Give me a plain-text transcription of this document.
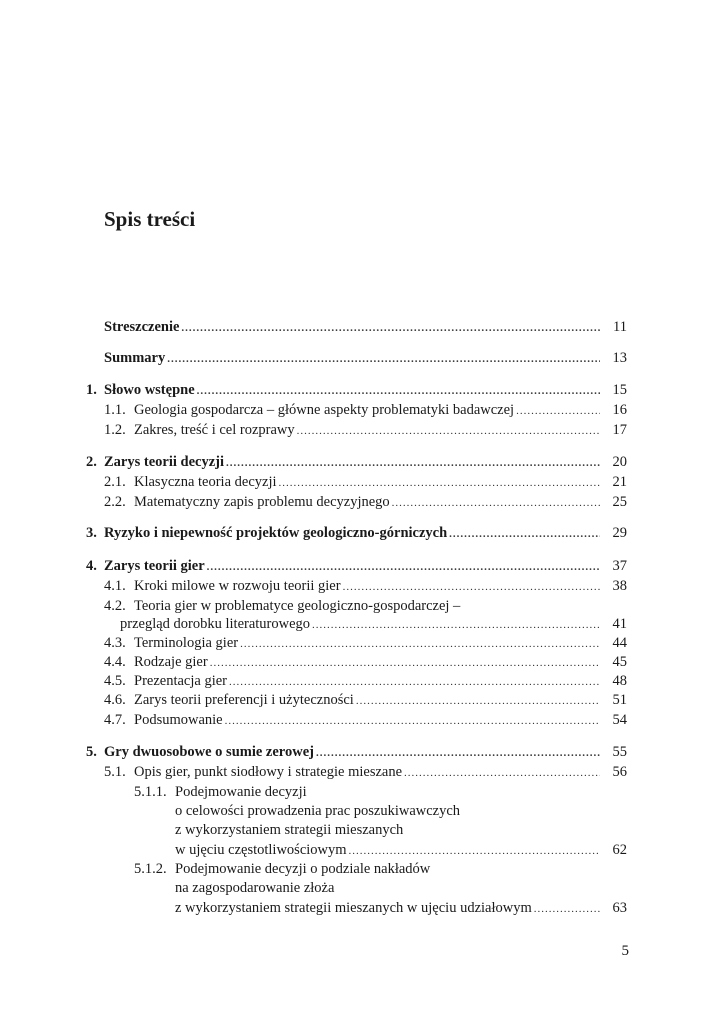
Spis treści
Streszczenie .....	11
Summary .....	13
1. Słowo wstępne .....	15
1.1. Geologia gospodarcza – główne aspekty problematyki badawczej .....	16
1.2. Zakres, treść i cel rozprawy .....	17
2. Zarys teorii decyzji .....	20
2.1. Klasyczna teoria decyzji .....	21
2.2. Matematyczny zapis problemu decyzyjnego .....	25
3. Ryzyko i niepewność projektów geologiczno-górniczych .....	29
4. Zarys teorii gier .....	37
4.1. Kroki milowe w rozwoju teorii gier .....	38
4.2. Teoria gier w problematyce geologiczno-gospodarczej –
przegląd dorobku literaturowego .....	41
4.3. Terminologia gier .....	44
4.4. Rodzaje gier .....	45
4.5. Prezentacja gier .....	48
4.6. Zarys teorii preferencji i użyteczności .....	51
4.7. Podsumowanie .....	54
5. Gry dwuosobowe o sumie zerowej .....	55
5.1. Opis gier, punkt siodłowy i strategie mieszane .....	56
5.1.1. Podejmowanie decyzji
o celowości prowadzenia prac poszukiwawczych
z wykorzystaniem strategii mieszanych
w ujęciu częstotliwościowym .....	62
5.1.2. Podejmowanie decyzji o podziale nakładów
na zagospodarowanie złoża
z wykorzystaniem strategii mieszanych w ujęciu udziałowym .....	63
5
